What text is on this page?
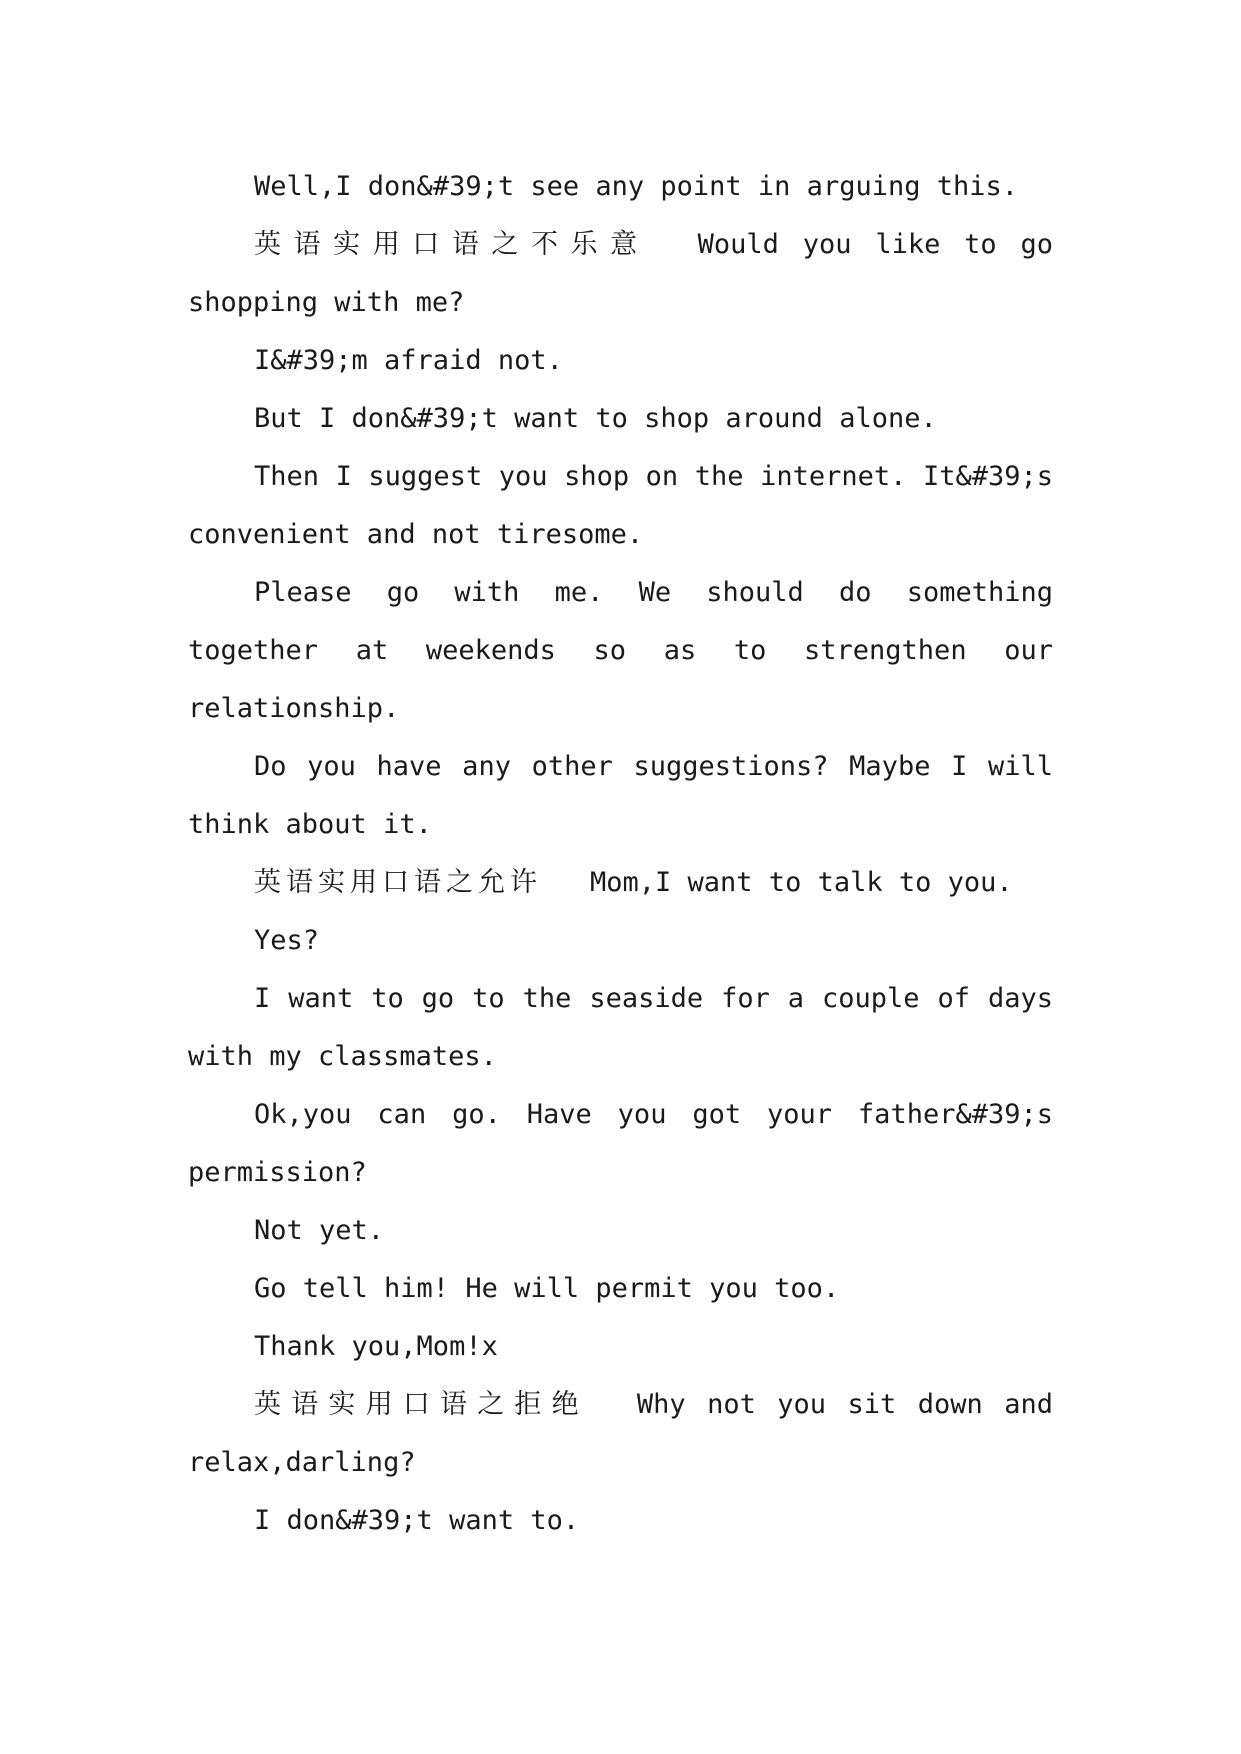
Well,I don&#39;t see any point in arguing this.

英语实用口语之不乐意 Would you like to go shopping with me?

I&#39;m afraid not.

But I don&#39;t want to shop around alone.

Then I suggest you shop on the internet. It&#39;s convenient and not tiresome.

Please go with me. We should do something together at weekends so as to strengthen our relationship.

Do you have any other suggestions? Maybe I will think about it.

英语实用口语之允许 Mom,I want to talk to you.

Yes?

I want to go to the seaside for a couple of days with my classmates.

Ok,you can go. Have you got your father&#39;s permission?

Not yet.

Go tell him! He will permit you too.

Thank you,Mom!x

英语实用口语之拒绝 Why not you sit down and relax,darling?

I don&#39;t want to.
